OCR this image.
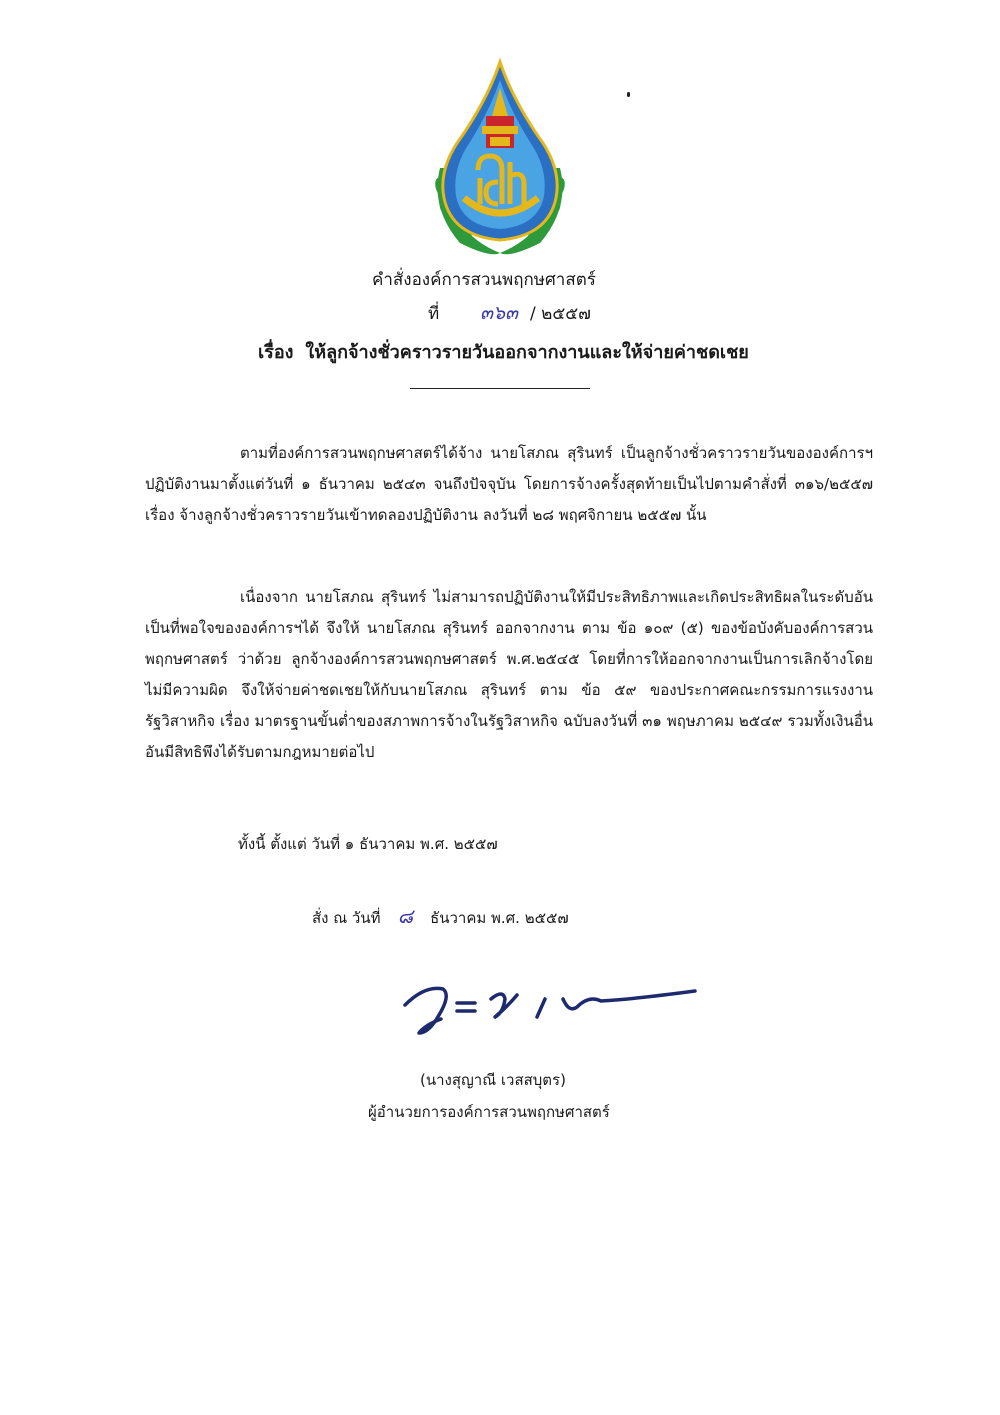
คำสั่งองค์การสวนพฤกษศาสตร์
ที่ ๓๖๓ / ๒๕๕๗
เรื่อง ให้ลูกจ้างชั่วคราวรายวันออกจากงานและให้จ่ายค่าชดเชย
ตามที่องค์การสวนพฤกษศาสตร์ได้จ้าง นายโสภณ สุรินทร์ เป็นลูกจ้างชั่วคราวรายวันขององค์การฯ ปฏิบัติงานมาตั้งแต่วันที่ ๑ ธันวาคม ๒๕๔๓ จนถึงปัจจุบัน โดยการจ้างครั้งสุดท้ายเป็นไปตามคำสั่งที่ ๓๑๖/๒๕๕๗ เรื่อง จ้างลูกจ้างชั่วคราวรายวันเข้าทดลองปฏิบัติงาน ลงวันที่ ๒๘ พฤศจิกายน ๒๕๕๗ นั้น
เนื่องจาก นายโสภณ สุรินทร์ ไม่สามารถปฏิบัติงานให้มีประสิทธิภาพและเกิดประสิทธิผลในระดับอันเป็นที่พอใจขององค์การฯได้ จึงให้ นายโสภณ สุรินทร์ ออกจากงาน ตาม ข้อ ๑๐๙ (๕) ของข้อบังคับองค์การสวนพฤกษศาสตร์ ว่าด้วย ลูกจ้างองค์การสวนพฤกษศาสตร์ พ.ศ.๒๕๔๕ โดยที่การให้ออกจากงานเป็นการเลิกจ้างโดยไม่มีความผิด จึงให้จ่ายค่าชดเชยให้กับนายโสภณ สุรินทร์ ตาม ข้อ ๕๙ ของประกาศคณะกรรมการแรงงานรัฐวิสาหกิจ เรื่อง มาตรฐานขั้นต่ำของสภาพการจ้างในรัฐวิสาหกิจ ฉบับลงวันที่ ๓๑ พฤษภาคม ๒๕๔๙ รวมทั้งเงินอื่นอันมีสิทธิพึงได้รับตามกฎหมายต่อไป
ทั้งนี้ ตั้งแต่ วันที่ ๑ ธันวาคม พ.ศ. ๒๕๕๗
สั่ง ณ วันที่ ๘ ธันวาคม พ.ศ. ๒๕๕๗
(นางสุญาณี เวสสบุตร)
ผู้อำนวยการองค์การสวนพฤกษศาสตร์
